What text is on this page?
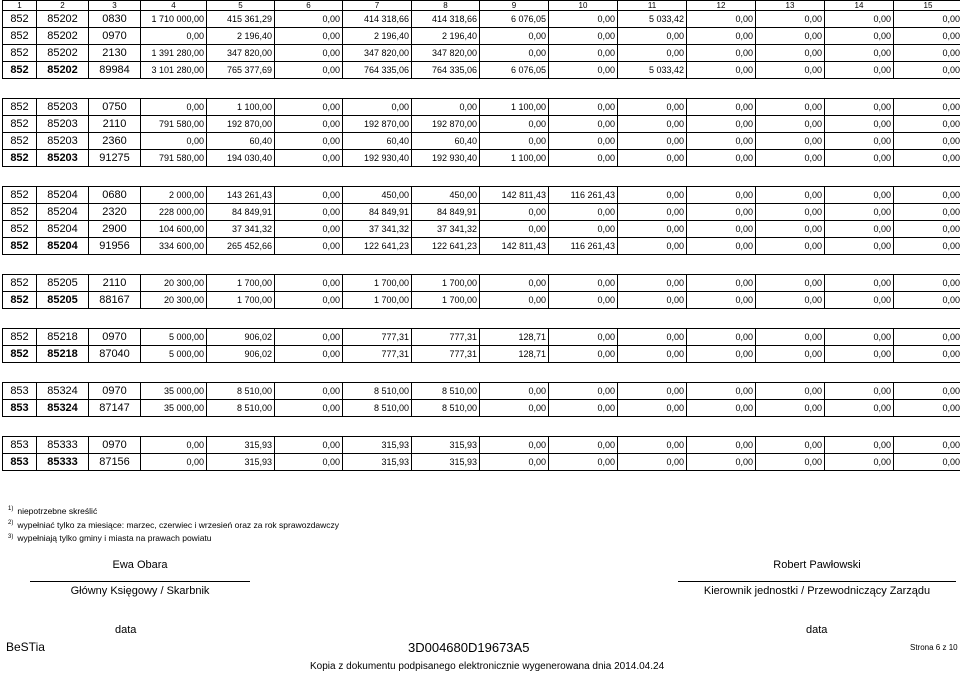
1	2	3	4	5	6	7	8	9	10	11	12	13	14	15
852	85202	0830	1 710 000,00	415 361,29	0,00	414 318,66	414 318,66	6 076,05	0,00	5 033,42	0,00	0,00	0,00	0,00
852	85202	0970	0,00	2 196,40	0,00	2 196,40	2 196,40	0,00	0,00	0,00	0,00	0,00	0,00	0,00
852	85202	2130	1 391 280,00	347 820,00	0,00	347 820,00	347 820,00	0,00	0,00	0,00	0,00	0,00	0,00	0,00
852	85202	89984	3 101 280,00	765 377,69	0,00	764 335,06	764 335,06	6 076,05	0,00	5 033,42	0,00	0,00	0,00	0,00

852	85203	0750	0,00	1 100,00	0,00	0,00	0,00	1 100,00	0,00	0,00	0,00	0,00	0,00	0,00
852	85203	2110	791 580,00	192 870,00	0,00	192 870,00	192 870,00	0,00	0,00	0,00	0,00	0,00	0,00	0,00
852	85203	2360	0,00	60,40	0,00	60,40	60,40	0,00	0,00	0,00	0,00	0,00	0,00	0,00
852	85203	91275	791 580,00	194 030,40	0,00	192 930,40	192 930,40	1 100,00	0,00	0,00	0,00	0,00	0,00	0,00

852	85204	0680	2 000,00	143 261,43	0,00	450,00	450,00	142 811,43	116 261,43	0,00	0,00	0,00	0,00	0,00
852	85204	2320	228 000,00	84 849,91	0,00	84 849,91	84 849,91	0,00	0,00	0,00	0,00	0,00	0,00	0,00
852	85204	2900	104 600,00	37 341,32	0,00	37 341,32	37 341,32	0,00	0,00	0,00	0,00	0,00	0,00	0,00
852	85204	91956	334 600,00	265 452,66	0,00	122 641,23	122 641,23	142 811,43	116 261,43	0,00	0,00	0,00	0,00	0,00

852	85205	2110	20 300,00	1 700,00	0,00	1 700,00	1 700,00	0,00	0,00	0,00	0,00	0,00	0,00	0,00
852	85205	88167	20 300,00	1 700,00	0,00	1 700,00	1 700,00	0,00	0,00	0,00	0,00	0,00	0,00	0,00

852	85218	0970	5 000,00	906,02	0,00	777,31	777,31	128,71	0,00	0,00	0,00	0,00	0,00	0,00
852	85218	87040	5 000,00	906,02	0,00	777,31	777,31	128,71	0,00	0,00	0,00	0,00	0,00	0,00

853	85324	0970	35 000,00	8 510,00	0,00	8 510,00	8 510,00	0,00	0,00	0,00	0,00	0,00	0,00	0,00
853	85324	87147	35 000,00	8 510,00	0,00	8 510,00	8 510,00	0,00	0,00	0,00	0,00	0,00	0,00	0,00

853	85333	0970	0,00	315,93	0,00	315,93	315,93	0,00	0,00	0,00	0,00	0,00	0,00	0,00
853	85333	87156	0,00	315,93	0,00	315,93	315,93	0,00	0,00	0,00	0,00	0,00	0,00	0,00
$^{1)}$ niepotrzebne skreślić
$^{2)}$ wypełniać tylko za miesiące: marzec, czerwiec i wrzesień oraz za rok sprawozdawczy
$^{3)}$ wypełniają tylko gminy i miasta na prawach powiatu
Ewa Obara
Główny Księgowy / Skarbnik
Robert Pawłowski
Kierownik jednostki / Przewodniczący Zarządu
data	data
BeSTia	3D004680D19673A5	Strona 6 z 10
Kopia z dokumentu podpisanego elektronicznie wygenerowana dnia 2014.04.24
